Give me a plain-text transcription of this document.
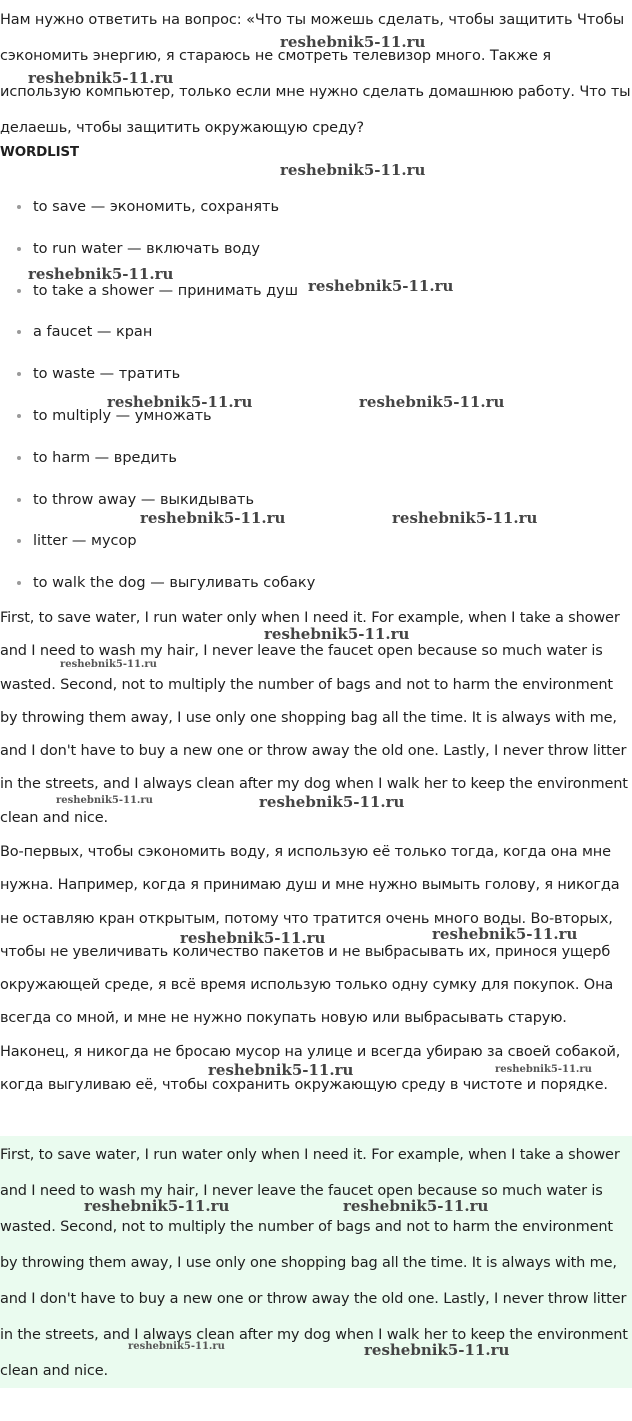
Нам нужно ответить на вопрос: «Что ты можешь сделать, чтобы защитить Чтобы сэкономить энергию, я стараюсь не смотреть телевизор много. Также я использую компьютер, только если мне нужно сделать домашнюю работу. Что ты делаешь, чтобы защитить окружающую среду?

WORDLIST
to save — экономить, сохранять
to run water — включать воду
to take a shower — принимать душ
a faucet — кран
to waste — тратить
to multiply — умножать
to harm — вредить
to throw away — выкидывать
litter — мусор
to walk the dog — выгуливать собаку

First, to save water, I run water only when I need it. For example, when I take a shower and I need to wash my hair, I never leave the faucet open because so much water is wasted. Second, not to multiply the number of bags and not to harm the environment by throwing them away, I use only one shopping bag all the time. It is always with me, and I don't have to buy a new one or throw away the old one. Lastly, I never throw litter in the streets, and I always clean after my dog when I walk her to keep the environment clean and nice.

Во-первых, чтобы сэкономить воду, я использую её только тогда, когда она мне нужна. Например, когда я принимаю душ и мне нужно вымыть голову, я никогда не оставляю кран открытым, потому что тратится очень много воды. Во-вторых, чтобы не увеличивать количество пакетов и не выбрасывать их, принося ущерб окружающей среде, я всё время использую только одну сумку для покупок. Она всегда со мной, и мне не нужно покупать новую или выбрасывать старую. Наконец, я никогда не бросаю мусор на улице и всегда убираю за своей собакой, когда выгуливаю её, чтобы сохранить окружающую среду в чистоте и порядке.

First, to save water, I run water only when I need it. For example, when I take a shower and I need to wash my hair, I never leave the faucet open because so much water is wasted. Second, not to multiply the number of bags and not to harm the environment by throwing them away, I use only one shopping bag all the time. It is always with me, and I don't have to buy a new one or throw away the old one. Lastly, I never throw litter in the streets, and I always clean after my dog when I walk her to keep the environment clean and nice.

reshebnik5-11.ru
reshebnik5-11.ru
reshebnik5-11.ru
reshebnik5-11.ru
reshebnik5-11.ru
reshebnik5-11.ru	reshebnik5-11.ru
reshebnik5-11.ru	reshebnik5-11.ru
reshebnik5-11.ru
reshebnik5-11.ru
reshebnik5-11.ru	reshebnik5-11.ru
reshebnik5-11.ru	reshebnik5-11.ru
reshebnik5-11.ru	reshebnik5-11.ru
reshebnik5-11.ru	reshebnik5-11.ru
reshebnik5-11.ru	reshebnik5-11.ru
